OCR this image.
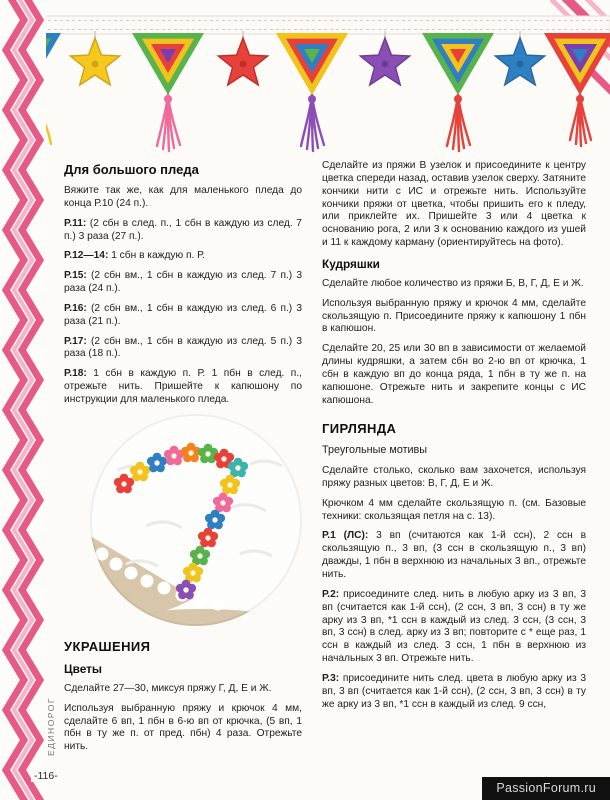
Для большого пледа

Вяжите так же, как для маленького пледа до конца Р.10 (24 п.).

Р.11: (2 сбн в след. п., 1 сбн в каждую из след. 7 п.) 3 раза (27 п.).

Р.12—14: 1 сбн в каждую п. Р.

Р.15: (2 сбн вм., 1 сбн в каждую из след. 7 п.) 3 раза (24 п.).

Р.16: (2 сбн вм., 1 сбн в каждую из след. 6 п.) 3 раза (21 п.).

Р.17: (2 сбн вм., 1 сбн в каждую из след. 5 п.) 3 раза (18 п.).

Р.18: 1 сбн в каждую п. Р. 1 пбн в след. п., отрежьте нить. Пришейте к капюшону по инструкции для маленького пледа.

УКРАШЕНИЯ
Цветы

Сделайте 27—30, миксуя пряжу Г, Д, Е и Ж.

Используя выбранную пряжу и крючок 4 мм, сделайте 6 вп, 1 пбн в 6-ю вп от крючка, (5 вп, 1 пбн в ту же п. от пред. пбн) 4 раза. Отрежьте нить.

Сделайте из пряжи В узелок и присоедините к центру цветка спереди назад, оставив узелок сверху. Затяните кончики нити с ИС и отрежьте нить. Используйте кончики пряжи от цветка, чтобы пришить его к пледу, или приклейте их. Пришейте 3 или 4 цветка к основанию рога, 2 или 3 к основанию каждого из ушей и 11 к каждому карману (ориентируйтесь на фото).

Кудряшки

Сделайте любое количество из пряжи Б, В, Г, Д, Е и Ж.

Используя выбранную пряжу и крючок 4 мм, сделайте скользящую п. Присоедините пряжу к капюшону 1 пбн в капюшон.

Сделайте 20, 25 или 30 вп в зависимости от желаемой длины кудряшки, а затем сбн во 2-ю вп от крючка, 1 сбн в каждую вп до конца ряда, 1 пбн в ту же п. на капюшоне. Отрежьте нить и закрепите концы с ИС капюшона.

ГИРЛЯНДА

Треугольные мотивы

Сделайте столько, сколько вам захочется, используя пряжу разных цветов: В, Г, Д, Е и Ж.

Крючком 4 мм сделайте скользящую п. (см. Базовые техники: скользящая петля на с. 13).

Р.1 (ЛС): 3 вп (считаются как 1-й ссн), 2 ссн в скользящую п., 3 вп, (3 ссн в скользящую п., 3 вп) дважды, 1 пбн в верхнюю из начальных 3 вп., отрежьте нить.

Р.2: присоедините след. нить в любую арку из 3 вп, 3 вп (считается как 1-й ссн), (2 ссн, 3 вп, 3 ссн) в ту же арку из 3 вп, *1 ссн в каждый из след. 3 ссн, (3 ссн, 3 вп, 3 ссн) в след. арку из 3 вп; повторите с * еще раз, 1 ссн в каждый из след. 3 ссн, 1 пбн в верхнюю из начальных 3 вп. Отрежьте нить.

Р.3: присоедините нить след. цвета в любую арку из 3 вп, 3 вп (считается как 1-й ссн), (2 ссн, 3 вп, 3 ссн) в ту же арку из 3 вп, *1 ссн в каждый из след. 9 ссн,

ЕДИНОРОГ
-116-
PassionForum.ru
